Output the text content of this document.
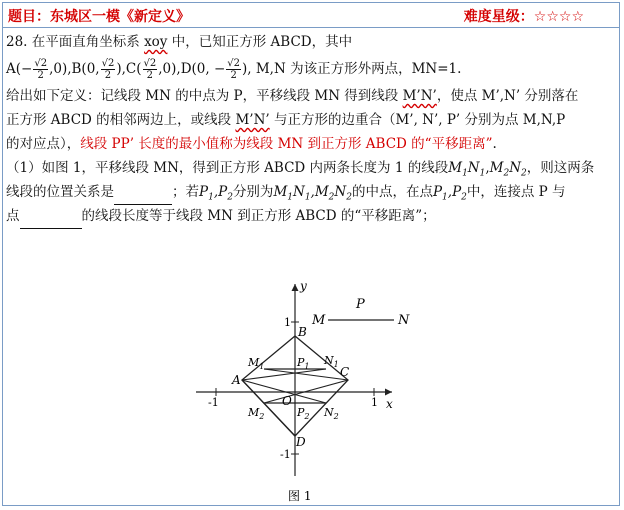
题目：东城区一模《新定义》	难度星级：☆☆☆☆
28. 在平面直角坐标系 xoy 中，已知正方形 ABCD，其中
$A(- \frac{√2}{2} ,0),B(0$, $\frac{√2}{2} ),C( \frac{√2}{2} ,0),D(0$, − $\frac{√2}{2}$ ), M,N 为该正方形外两点，MN=1.
给出如下定义：记线段 MN 的中点为 P，平移线段 MN 得到线段 M’N’，使点 M’,N’ 分别落在
正方形 ABCD 的相邻两边上，或线段 M’N’ 与正方形的边重合（M’, N’, P’ 分别为点 M,N,P
的对应点），线段 PP’ 长度的最小值称为线段 MN 到正方形 ABCD 的“平移距离”.
（1）如图 1，平移线段 MN，得到正方形 ABCD 内两条长度为 1 的线段$M_1N_1,M_2N_2$，则这两条
线段的位置关系是	；若$P_1,P_2$分别为$M_1N_1,M_2N_2$的中点，在点$P_1,P_2$中，连接点 P 与
点	的线段长度等于线段 MN 到正方形 ABCD 的“平移距离”；
y
x
O
A
B
C
D
M
P
N
$M_1$	$N_1$
$M_2$	$N_2$
$P_1$
$P_2$
1
-1
1
-1
图 1
